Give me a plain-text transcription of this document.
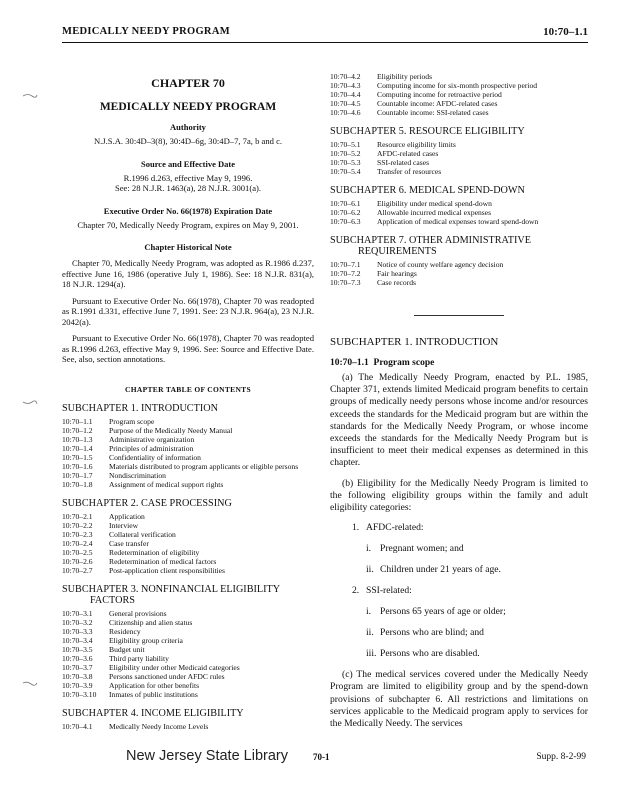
MEDICALLY NEEDY PROGRAM	10:70–1.1
CHAPTER 70
MEDICALLY NEEDY PROGRAM
Authority
N.J.S.A. 30:4D–3(8), 30:4D–6g, 30:4D–7, 7a, b and c.
Source and Effective Date
R.1996 d.263, effective May 9, 1996.
See: 28 N.J.R. 1463(a), 28 N.J.R. 3001(a).
Executive Order No. 66(1978) Expiration Date
Chapter 70, Medically Needy Program, expires on May 9, 2001.
Chapter Historical Note

Chapter 70, Medically Needy Program, was adopted as R.1986 d.237, effective June 16, 1986 (operative July 1, 1986). See: 18 N.J.R. 831(a), 18 N.J.R. 1294(a).

Pursuant to Executive Order No. 66(1978), Chapter 70 was readopted as R.1991 d.331, effective June 7, 1991. See: 23 N.J.R. 964(a), 23 N.J.R. 2042(a).

Pursuant to Executive Order No. 66(1978), Chapter 70 was readopted as R.1996 d.263, effective May 9, 1996. See: Source and Effective Date. See, also, section annotations.

CHAPTER TABLE OF CONTENTS
SUBCHAPTER 1. INTRODUCTION
10:70–1.1	Program scope
10:70–1.2	Purpose of the Medically Needy Manual
10:70–1.3	Administrative organization
10:70–1.4	Principles of administration
10:70–1.5	Confidentiality of information
10:70–1.6	Materials distributed to program applicants or eligible persons
10:70–1.7	Nondiscrimination
10:70–1.8	Assignment of medical support rights
SUBCHAPTER 2. CASE PROCESSING
10:70–2.1	Application
10:70–2.2	Interview
10:70–2.3	Collateral verification
10:70–2.4	Case transfer
10:70–2.5	Redetermination of eligibility
10:70–2.6	Redetermination of medical factors
10:70–2.7	Post-application client responsibilities
SUBCHAPTER 3. NONFINANCIAL ELIGIBILITY
FACTORS
10:70–3.1	General provisions
10:70–3.2	Citizenship and alien status
10:70–3.3	Residency
10:70–3.4	Eligibility group criteria
10:70–3.5	Budget unit
10:70–3.6	Third party liability
10:70–3.7	Eligibility under other Medicaid categories
10:70–3.8	Persons sanctioned under AFDC rules
10:70–3.9	Application for other benefits
10:70–3.10	Inmates of public institutions
SUBCHAPTER 4. INCOME ELIGIBILITY
10:70–4.1	Medically Needy Income Levels
10:70–4.2	Eligibility periods
10:70–4.3	Computing income for six-month prospective period
10:70–4.4	Computing income for retroactive period
10:70–4.5	Countable income: AFDC-related cases
10:70–4.6	Countable income: SSI-related cases
SUBCHAPTER 5. RESOURCE ELIGIBILITY
10:70–5.1	Resource eligibility limits
10:70–5.2	AFDC-related cases
10:70–5.3	SSI-related cases
10:70–5.4	Transfer of resources
SUBCHAPTER 6. MEDICAL SPEND-DOWN
10:70–6.1	Eligibility under medical spend-down
10:70–6.2	Allowable incurred medical expenses
10:70–6.3	Application of medical expenses toward spend-down
SUBCHAPTER 7. OTHER ADMINISTRATIVE
REQUIREMENTS
10:70–7.1	Notice of county welfare agency decision
10:70–7.2	Fair hearings
10:70–7.3	Case records
SUBCHAPTER 1. INTRODUCTION
10:70–1.1 Program scope

(a) The Medically Needy Program, enacted by P.L. 1985, Chapter 371, extends limited Medicaid program benefits to certain groups of medically needy persons whose income and/or resources exceeds the standards for the Medicaid program but are within the standards for the Medically Needy Program, or whose income exceeds the standards for the Medically Needy Program but is insufficient to meet their medical expenses as determined in this chapter.

(b) Eligibility for the Medically Needy Program is limited to the following eligibility groups within the family and adult eligibility categories:

1. AFDC-related:
i. Pregnant women; and
ii. Children under 21 years of age.
2. SSI-related:
i. Persons 65 years of age or older;
ii. Persons who are blind; and
iii. Persons who are disabled.

(c) The medical services covered under the Medically Needy Program are limited to eligibility group and by the spend-down provisions of subchapter 6. All restrictions and limitations on services applicable to the Medicaid program apply to services for the Medically Needy. The services

New Jersey State Library	70-1	Supp. 8-2-99
